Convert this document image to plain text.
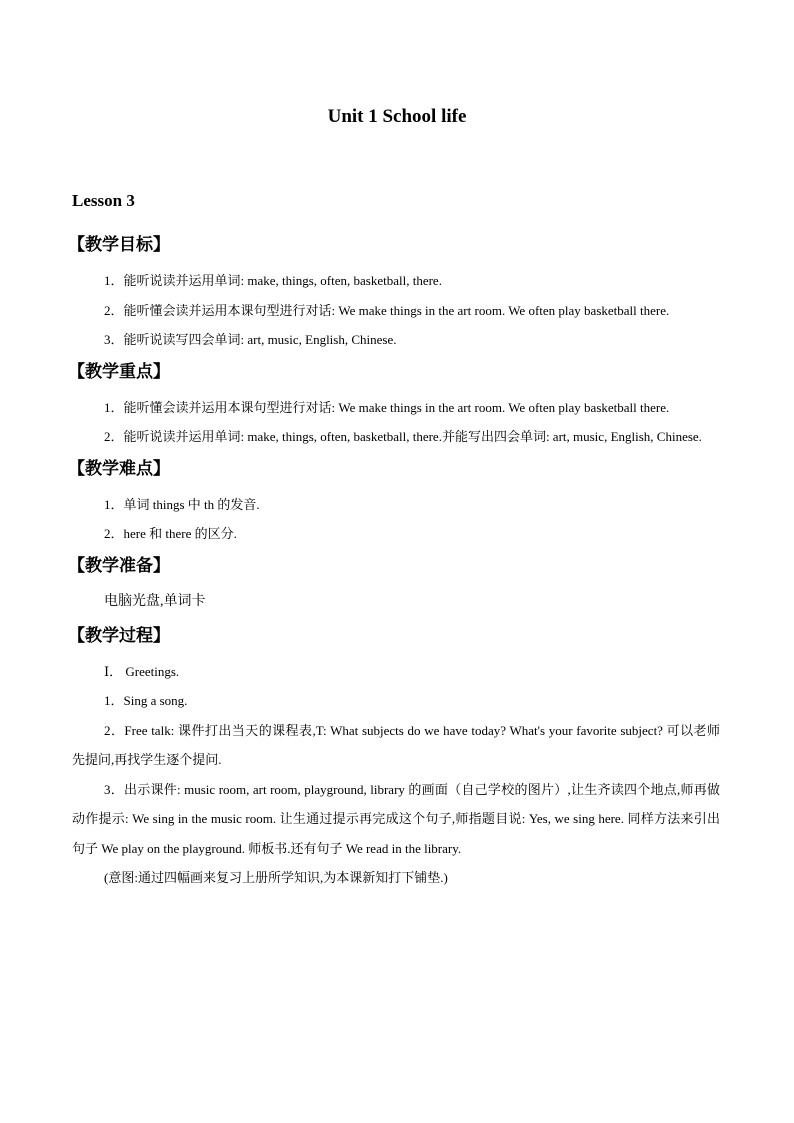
Unit 1 School life
Lesson 3
【教学目标】

1．能听说读并运用单词: make, things, often, basketball, there.

2．能听懂会读并运用本课句型进行对话: We make things in the art room. We often play basketball there.

3．能听说读写四会单词: art, music, English, Chinese.

【教学重点】

1．能听懂会读并运用本课句型进行对话: We make things in the art room. We often play basketball there.

2．能听说读并运用单词: make, things, often, basketball, there.并能写出四会单词: art, music, English, Chinese.

【教学难点】

1．单词 things 中 th 的发音.

2．here 和 there 的区分.

【教学准备】

电脑光盘,单词卡

【教学过程】

Ⅰ． Greetings.

1．Sing a song.

2．Free talk: 课件打出当天的课程表,T: What subjects do we have today? What's your favorite subject? 可以老师先提问,再找学生逐个提问.

3．出示课件: music room, art room, playground, library 的画面（自己学校的图片）,让生齐读四个地点,师再做动作提示: We sing in the music room. 让生通过提示再完成这个句子,师指题目说: Yes, we sing here. 同样方法来引出句子 We play on the playground. 师板书.还有句子 We read in the library.

(意图:通过四幅画来复习上册所学知识,为本课新知打下铺垫.)
